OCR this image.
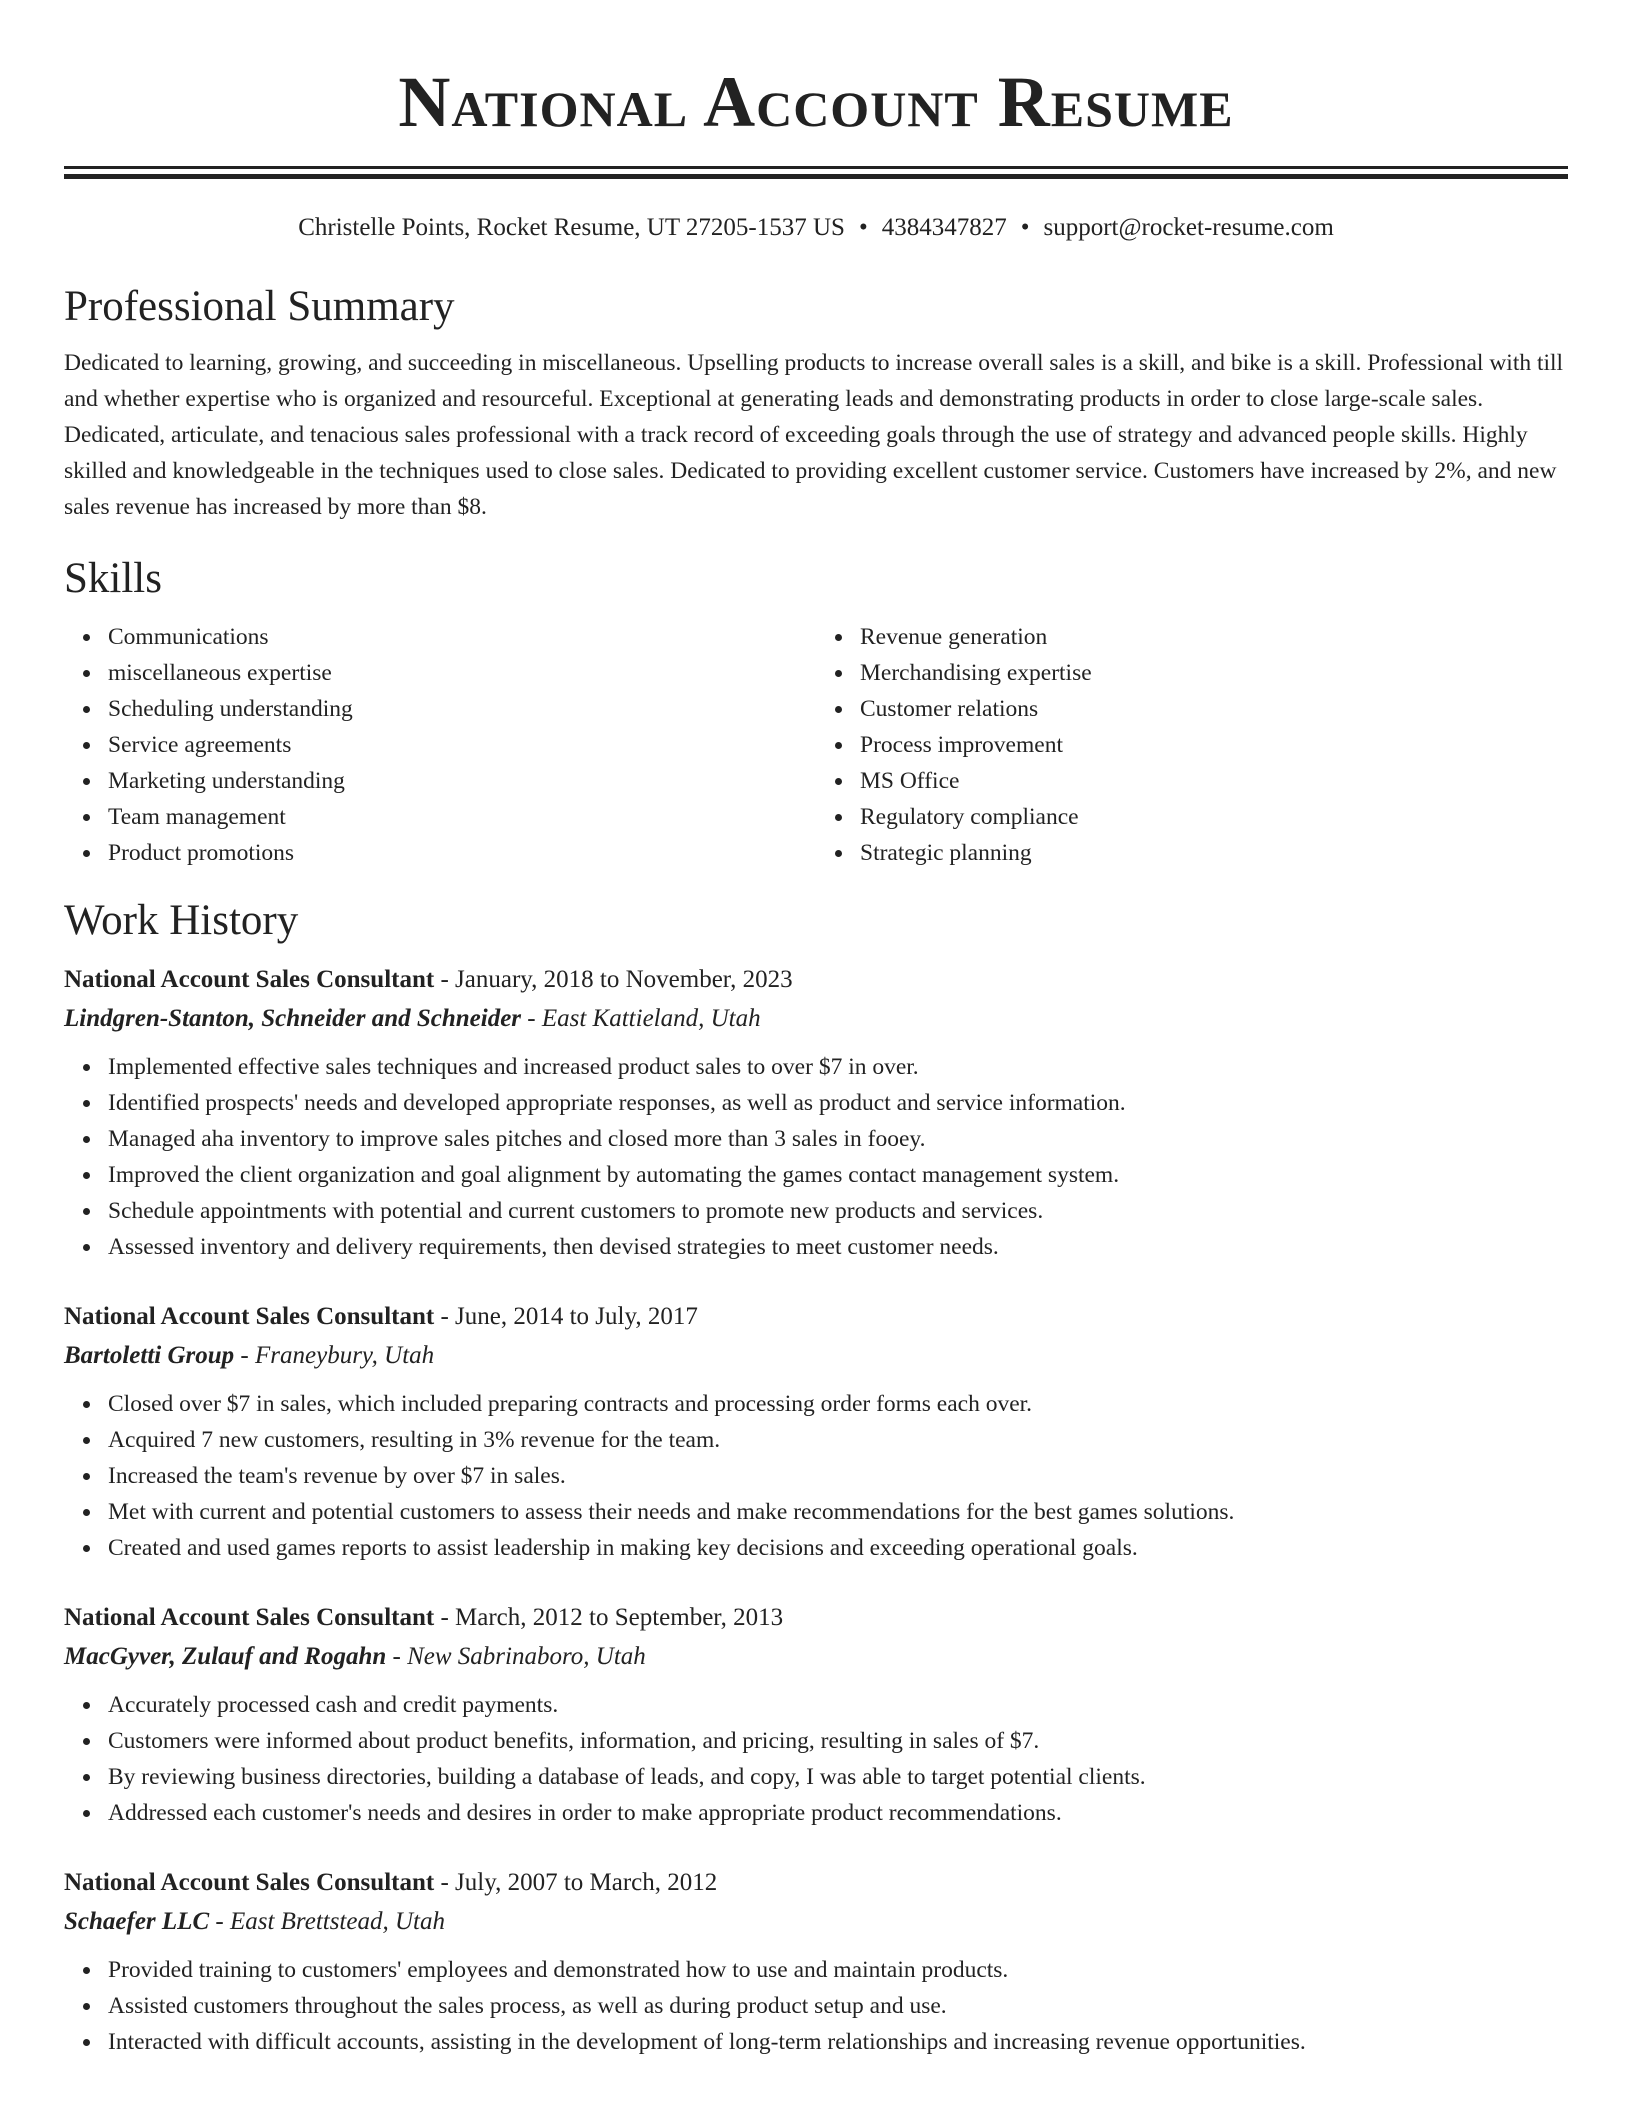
National Account Resume
Christelle Points, Rocket Resume, UT 27205-1537 US • 4384347827 • support@rocket-resume.com
Professional Summary

Dedicated to learning, growing, and succeeding in miscellaneous. Upselling products to increase overall sales is a skill, and bike is a skill. Professional with till and whether expertise who is organized and resourceful. Exceptional at generating leads and demonstrating products in order to close large-scale sales. Dedicated, articulate, and tenacious sales professional with a track record of exceeding goals through the use of strategy and advanced people skills. Highly skilled and knowledgeable in the techniques used to close sales. Dedicated to providing excellent customer service. Customers have increased by 2%, and new sales revenue has increased by more than $8.

Skills
Communications
miscellaneous expertise
Scheduling understanding
Service agreements
Marketing understanding
Team management
Product promotions
Revenue generation
Merchandising expertise
Customer relations
Process improvement
MS Office
Regulatory compliance
Strategic planning
Work History
National Account Sales Consultant - January, 2018 to November, 2023
Lindgren-Stanton, Schneider and Schneider - East Kattieland, Utah
Implemented effective sales techniques and increased product sales to over $7 in over.
Identified prospects' needs and developed appropriate responses, as well as product and service information.
Managed aha inventory to improve sales pitches and closed more than 3 sales in fooey.
Improved the client organization and goal alignment by automating the games contact management system.
Schedule appointments with potential and current customers to promote new products and services.
Assessed inventory and delivery requirements, then devised strategies to meet customer needs.
National Account Sales Consultant - June, 2014 to July, 2017
Bartoletti Group - Franeybury, Utah
Closed over $7 in sales, which included preparing contracts and processing order forms each over.
Acquired 7 new customers, resulting in 3% revenue for the team.
Increased the team's revenue by over $7 in sales.
Met with current and potential customers to assess their needs and make recommendations for the best games solutions.
Created and used games reports to assist leadership in making key decisions and exceeding operational goals.
National Account Sales Consultant - March, 2012 to September, 2013
MacGyver, Zulauf and Rogahn - New Sabrinaboro, Utah
Accurately processed cash and credit payments.
Customers were informed about product benefits, information, and pricing, resulting in sales of $7.
By reviewing business directories, building a database of leads, and copy, I was able to target potential clients.
Addressed each customer's needs and desires in order to make appropriate product recommendations.
National Account Sales Consultant - July, 2007 to March, 2012
Schaefer LLC - East Brettstead, Utah
Provided training to customers' employees and demonstrated how to use and maintain products.
Assisted customers throughout the sales process, as well as during product setup and use.
Interacted with difficult accounts, assisting in the development of long-term relationships and increasing revenue opportunities.
